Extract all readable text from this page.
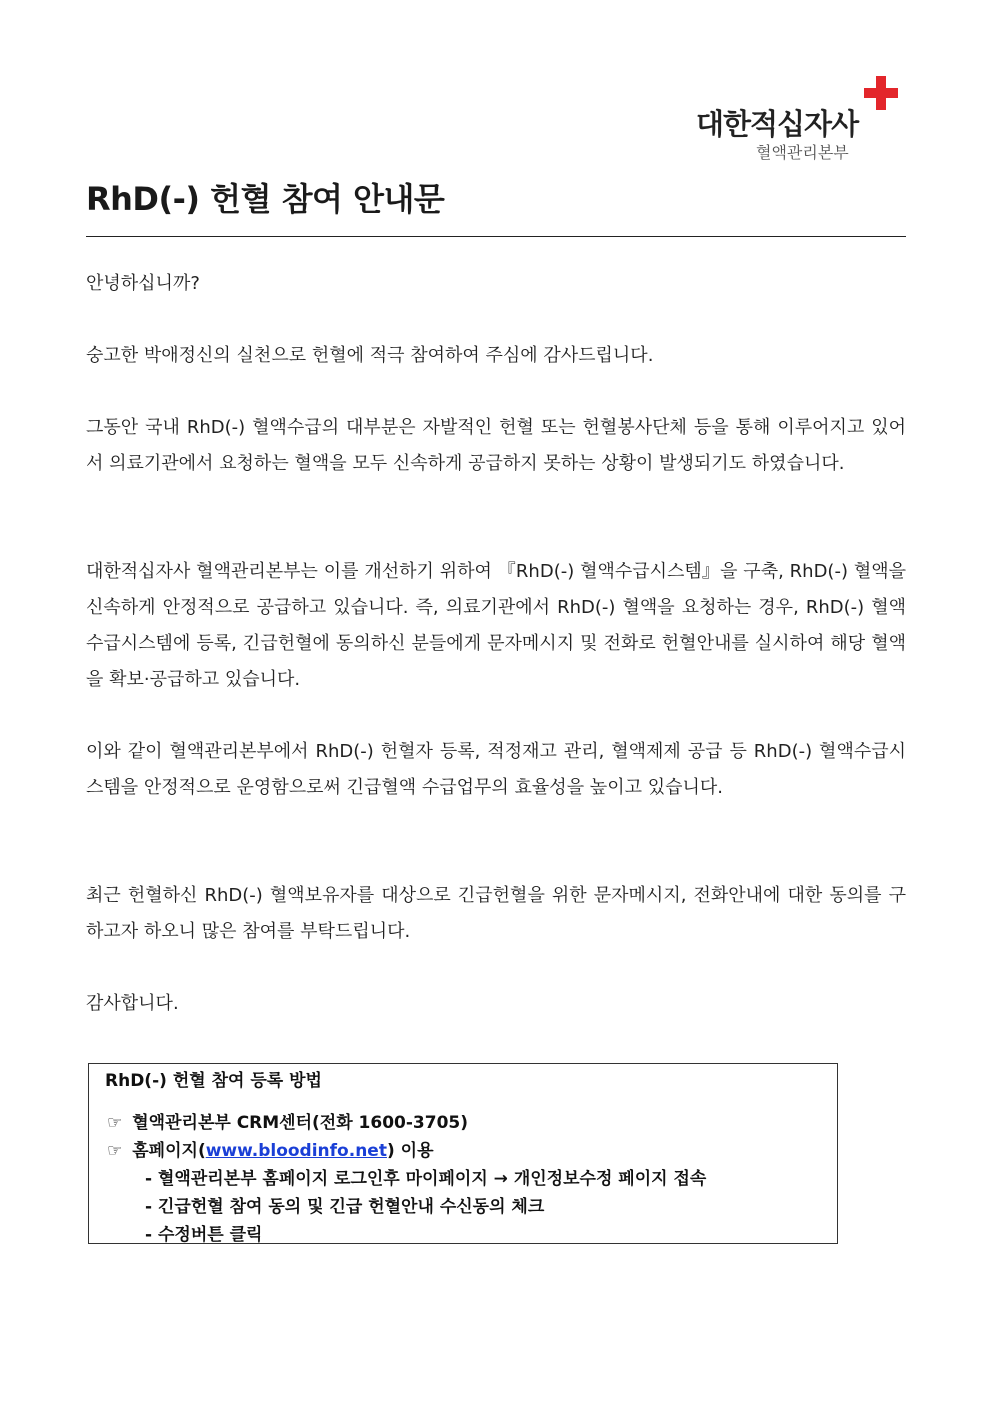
대한적십자사
혈액관리본부
RhD(-) 헌혈 참여 안내문

안녕하십니까?

숭고한 박애정신의 실천으로 헌혈에 적극 참여하여 주심에 감사드립니다.

그동안 국내 RhD(-) 혈액수급의 대부분은 자발적인 헌혈 또는 헌혈봉사단체 등을 통해 이루어지고 있어서 의료기관에서 요청하는 혈액을 모두 신속하게 공급하지 못하는 상황이 발생되기도 하였습니다.

대한적십자사 혈액관리본부는 이를 개선하기 위하여 『RhD(-) 혈액수급시스템』을 구축, RhD(-) 혈액을 신속하게 안정적으로 공급하고 있습니다. 즉, 의료기관에서 RhD(-) 혈액을 요청하는 경우, RhD(-) 혈액수급시스템에 등록, 긴급헌혈에 동의하신 분들에게 문자메시지 및 전화로 헌혈안내를 실시하여 해당 혈액을 확보·공급하고 있습니다.

이와 같이 혈액관리본부에서 RhD(-) 헌혈자 등록, 적정재고 관리, 혈액제제 공급 등 RhD(-) 혈액수급시스템을 안정적으로 운영함으로써 긴급혈액 수급업무의 효율성을 높이고 있습니다.

최근 헌혈하신 RhD(-) 혈액보유자를 대상으로 긴급헌혈을 위한 문자메시지, 전화안내에 대한 동의를 구하고자 하오니 많은 참여를 부탁드립니다.

감사합니다.

RhD(-) 헌혈 참여 등록 방법
☞ 혈액관리본부 CRM센터(전화 1600-3705)
☞ 홈페이지(www.bloodinfo.net) 이용
- 혈액관리본부 홈페이지 로그인후 마이페이지 → 개인정보수정 페이지 접속
- 긴급헌혈 참여 동의 및 긴급 헌혈안내 수신동의 체크
- 수정버튼 클릭
